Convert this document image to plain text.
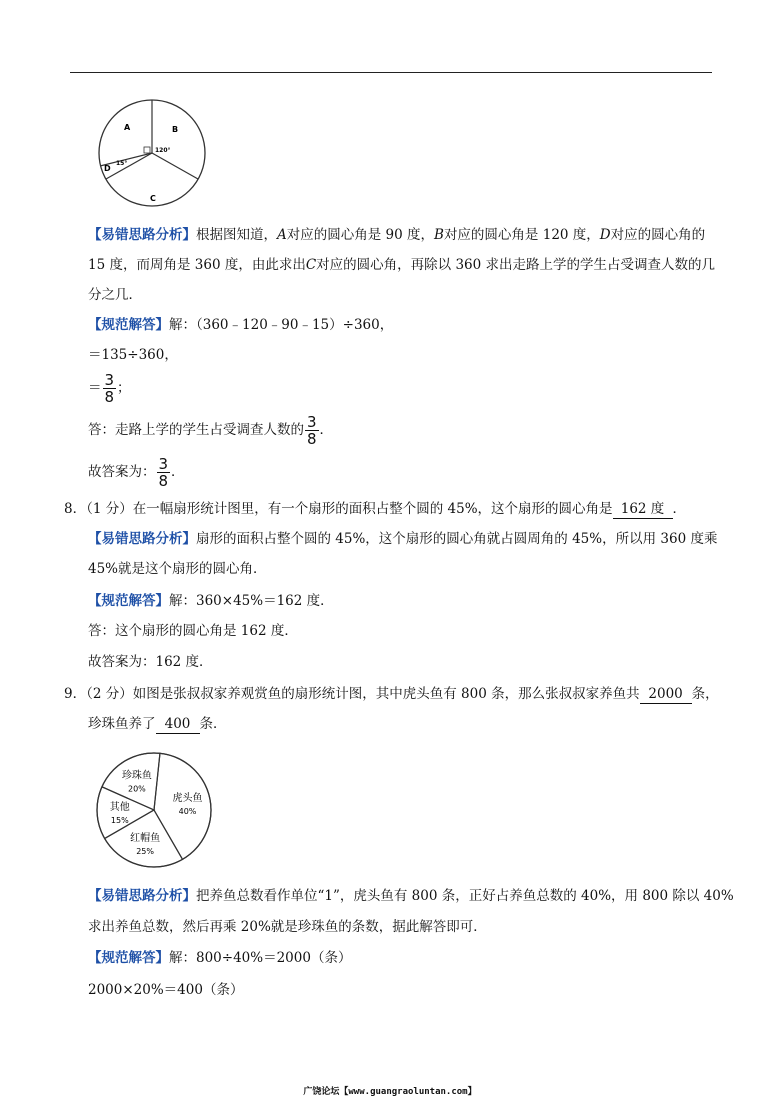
A	B
C
D
120°
15°
【易错思路分析】根据图知道，A对应的圆心角是 90 度，B对应的圆心角是 120 度，D对应的圆心角的
15 度，而周角是 360 度，由此求出C对应的圆心角，再除以 360 求出走路上学的学生占受调查人数的几
分之几．
【规范解答】解：（360﹣120﹣90﹣15）÷360，
＝135÷360，
＝ $\frac{3}{8}$ ；
答：走路上学的学生占受调查人数的 $\frac{3}{8}$ ．
故答案为： $\frac{3}{8}$ ．
8．（1 分）在一幅扇形统计图里，有一个扇形的面积占整个圆的 45%，这个扇形的圆心角是 162 度 ．
【易错思路分析】扇形的面积占整个圆的 45%，这个扇形的圆心角就占圆周角的 45%，所以用 360 度乘
45%就是这个扇形的圆心角．
【规范解答】解：360×45%＝162 度．
答：这个扇形的圆心角是 162 度．
故答案为：162 度．
9．（2 分）如图是张叔叔家养观赏鱼的扇形统计图，其中虎头鱼有 800 条，那么张叔叔家养鱼共 2000 条，
珍珠鱼养了 400 条．
虎头鱼
40%
红帽鱼
25%
其他
15%
珍珠鱼
20%
【易错思路分析】把养鱼总数看作单位“1”，虎头鱼有 800 条，正好占养鱼总数的 40%，用 800 除以 40%
求出养鱼总数，然后再乘 20%就是珍珠鱼的条数，据此解答即可．
【规范解答】解：800÷40%＝2000（条）
2000×20%＝400（条）
广饶论坛【www.guangraoluntan.com】
